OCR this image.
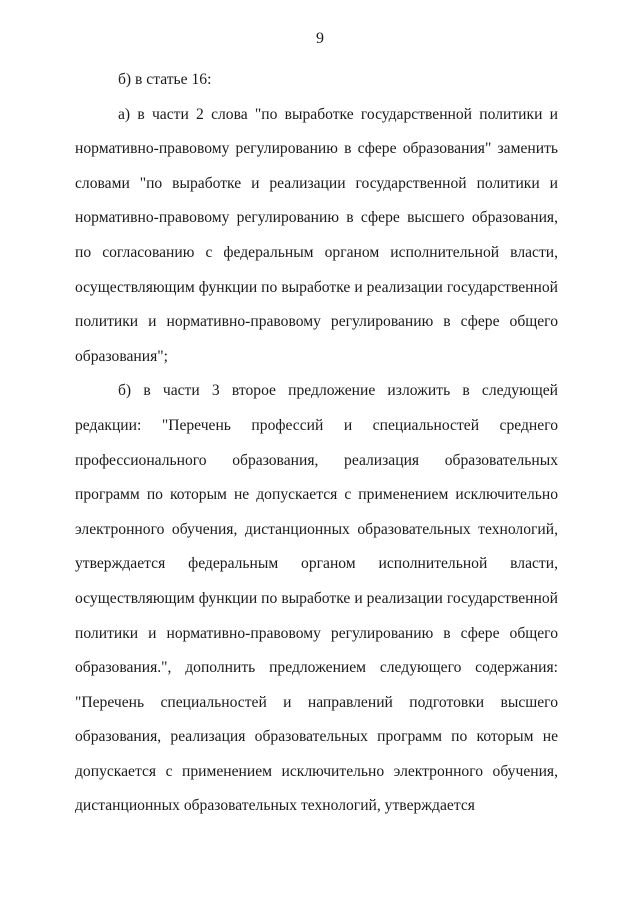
9

б) в статье 16:

а) в части 2 слова "по выработке государственной политики и нормативно-правовому регулированию в сфере образования" заменить словами "по выработке и реализации государственной политики и нормативно-правовому регулированию в сфере высшего образования, по согласованию с федеральным органом исполнительной власти, осуществляющим функции по выработке и реализации государственной политики и нормативно-правовому регулированию в сфере общего образования";

б) в части 3 второе предложение изложить в следующей редакции: "Перечень профессий и специальностей среднего профессионального образования, реализация образовательных программ по которым не допускается с применением исключительно электронного обучения, дистанционных образовательных технологий, утверждается федеральным органом исполнительной власти, осуществляющим функции по выработке и реализации государственной политики и нормативно-правовому регулированию в сфере общего образования.", дополнить предложением следующего содержания: "Перечень специальностей и направлений подготовки высшего образования, реализация образовательных программ по которым не допускается с применением исключительно электронного обучения, дистанционных образовательных технологий, утверждается
